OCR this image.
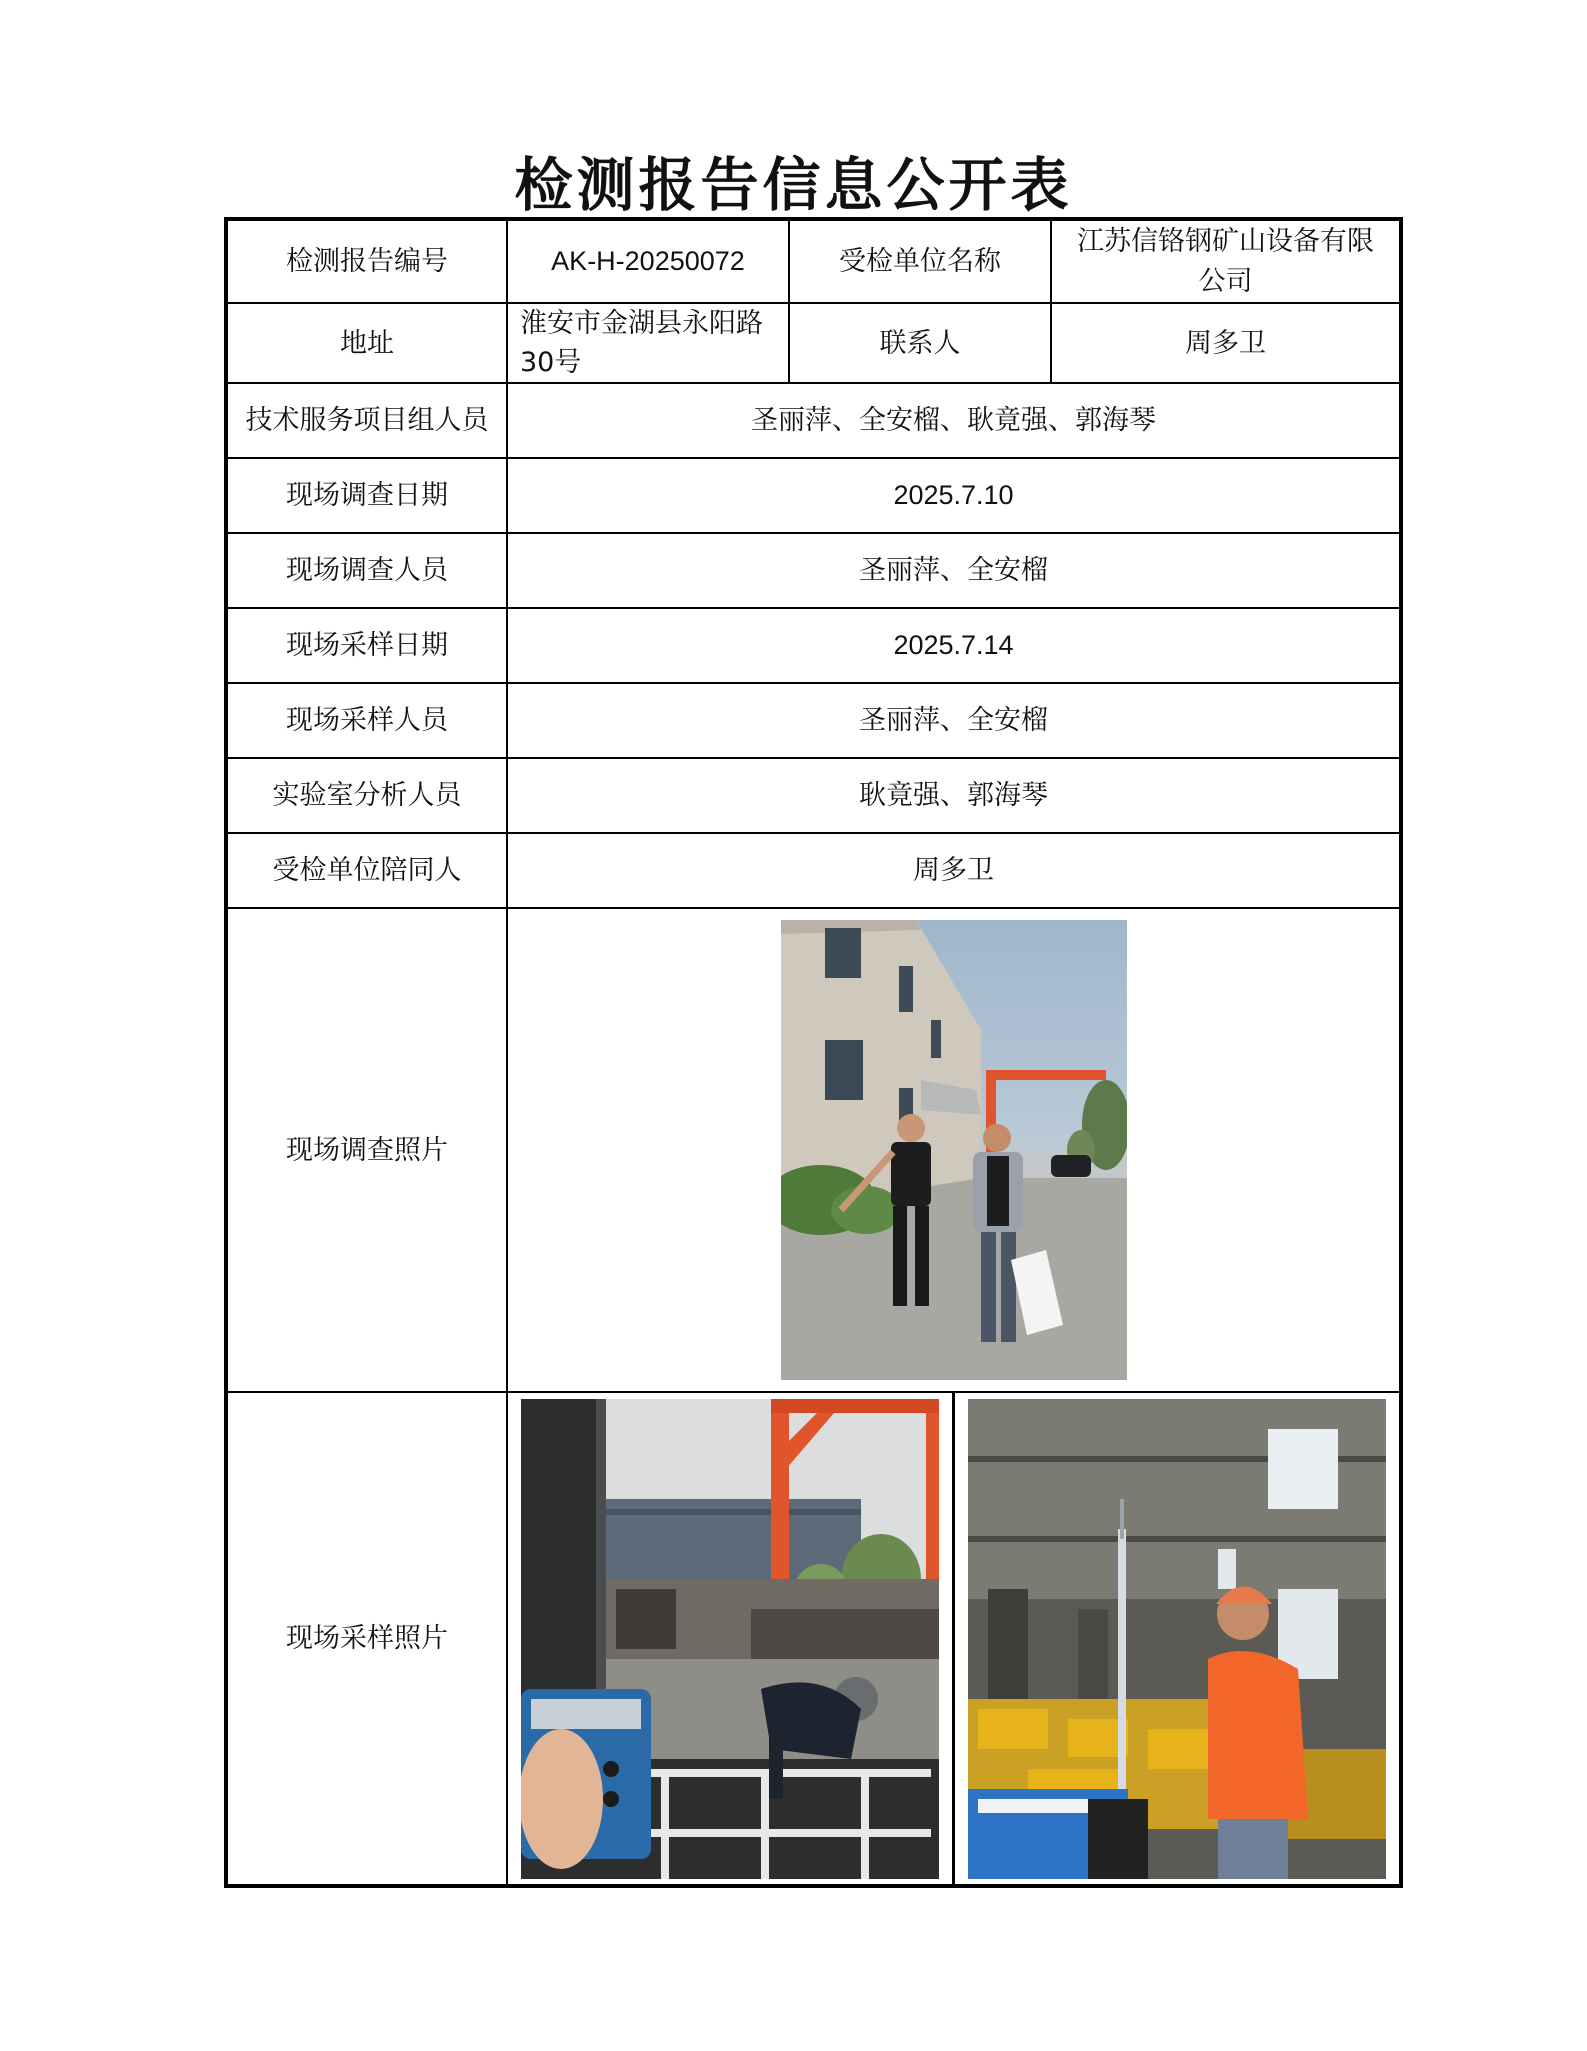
检测报告信息公开表
检测报告编号	AK-H-20250072	受检单位名称	江苏信铬钢矿山设备有限公司
地址	淮安市金湖县永阳路30号	联系人	周多卫
技术服务项目组人员	圣丽萍、全安榴、耿竟强、郭海琴		
现场调查日期	2025.7.10		
现场调查人员	圣丽萍、全安榴		
现场采样日期	2025.7.14		
现场采样人员	圣丽萍、全安榴		
实验室分析人员	耿竟强、郭海琴		
受检单位陪同人	周多卫		
现场调查照片	

现场采样照片	
